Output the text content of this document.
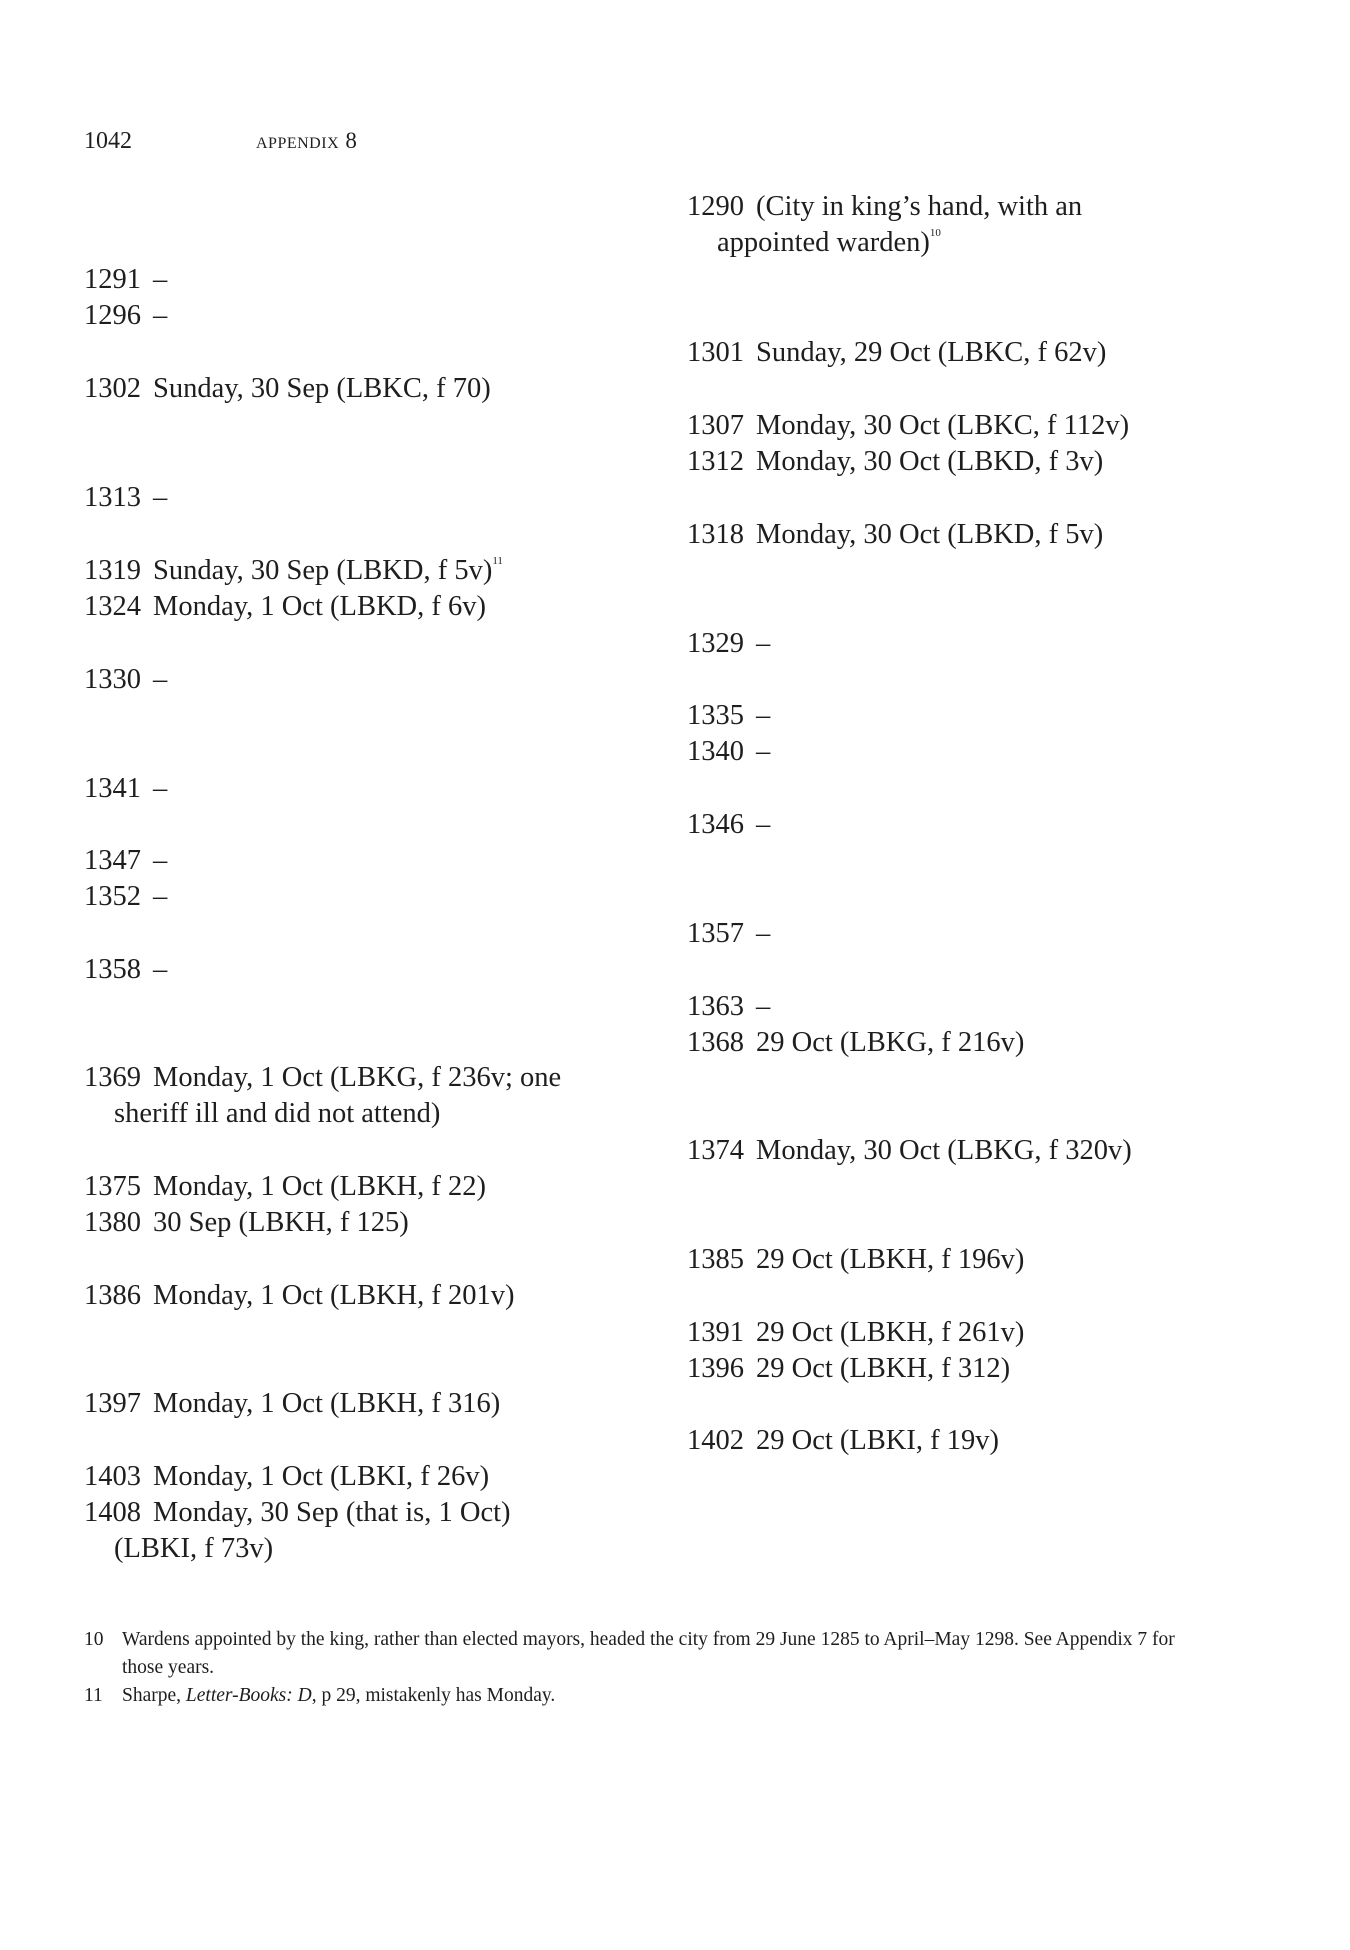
1042	appendix 8
1291 –
1296 –
1302 Sunday, 30 Sep (LBKC, f 70)
1313 –
1319 Sunday, 30 Sep (LBKD, f 5v)$^{11}$
1324 Monday, 1 Oct (LBKD, f 6v)
1330 –
1341 –
1347 –
1352 –
1358 –
1369 Monday, 1 Oct (LBKG, f 236v; one
sheriff ill and did not attend)
1375 Monday, 1 Oct (LBKH, f 22)
1380 30 Sep (LBKH, f 125)
1386 Monday, 1 Oct (LBKH, f 201v)
1397 Monday, 1 Oct (LBKH, f 316)
1403 Monday, 1 Oct (LBKI, f 26v)
1408 Monday, 30 Sep (that is, 1 Oct)
(LBKI, f 73v)
1290 (City in king’s hand, with an
appointed warden)$^{10}$
1301 Sunday, 29 Oct (LBKC, f 62v)
1307 Monday, 30 Oct (LBKC, f 112v)
1312 Monday, 30 Oct (LBKD, f 3v)
1318 Monday, 30 Oct (LBKD, f 5v)
1329 –
1335 –
1340 –
1346 –
1357 –
1363 –
1368 29 Oct (LBKG, f 216v)
1374 Monday, 30 Oct (LBKG, f 320v)
1385 29 Oct (LBKH, f 196v)
1391 29 Oct (LBKH, f 261v)
1396 29 Oct (LBKH, f 312)
1402 29 Oct (LBKI, f 19v)
10 Wardens appointed by the king, rather than elected mayors, headed the city from 29 June 1285 to April–May 1298. See Appendix 7 for those years.
11 Sharpe, Letter-Books: D, p 29, mistakenly has Monday.
